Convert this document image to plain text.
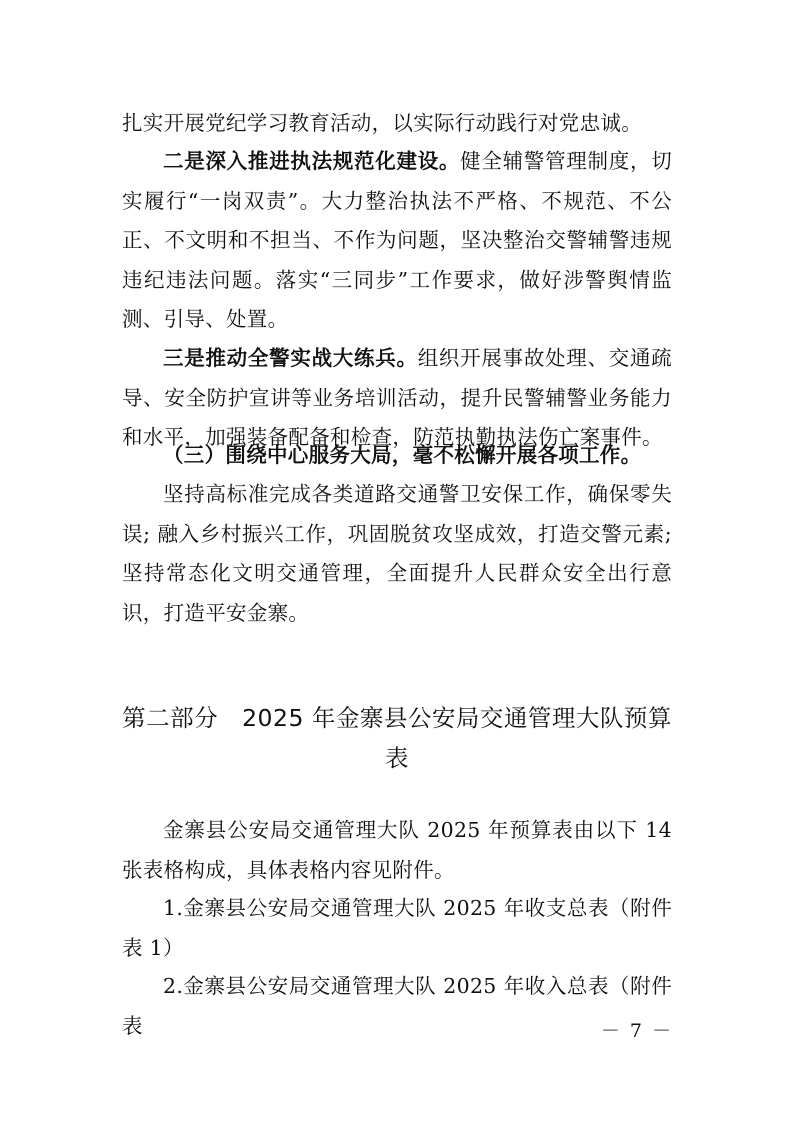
扎实开展党纪学习教育活动，以实际行动践行对党忠诚。

二是深入推进执法规范化建设。健全辅警管理制度，切实履行“一岗双责”。大力整治执法不严格、不规范、不公正、不文明和不担当、不作为问题，坚决整治交警辅警违规违纪违法问题。落实“三同步”工作要求，做好涉警舆情监测、引导、处置。

三是推动全警实战大练兵。组织开展事故处理、交通疏导、安全防护宣讲等业务培训活动，提升民警辅警业务能力和水平，加强装备配备和检查，防范执勤执法伤亡案事件。

（三）围绕中心服务大局，毫不松懈开展各项工作。

坚持高标准完成各类道路交通警卫安保工作，确保零失误; 融入乡村振兴工作，巩固脱贫攻坚成效，打造交警元素; 坚持常态化文明交通管理，全面提升人民群众安全出行意识，打造平安金寨。

第二部分　2025 年金寨县公安局交通管理大队预算
表

金寨县公安局交通管理大队 2025 年预算表由以下 14 张表格构成，具体表格内容见附件。

1.金寨县公安局交通管理大队 2025 年收支总表（附件表 1）

2.金寨县公安局交通管理大队 2025 年收入总表（附件表	－ 7 －
